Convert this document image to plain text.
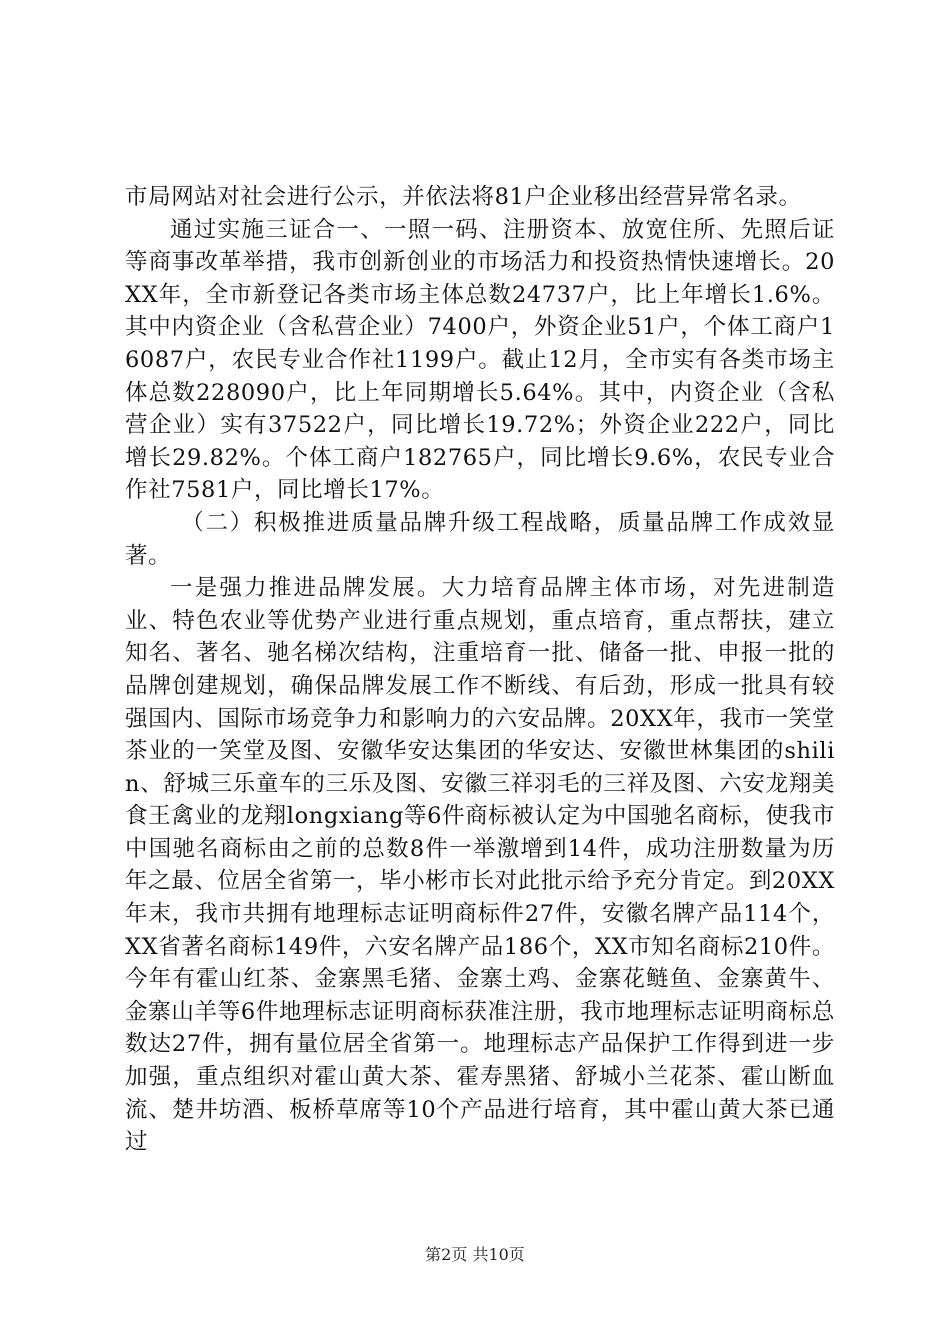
市局网站对社会进行公示，并依法将81户企业移出经营异常名录。

通过实施三证合一、一照一码、注册资本、放宽住所、先照后证等商事改革举措，我市创新创业的市场活力和投资热情快速增长。20XX年，全市新登记各类市场主体总数24737户，比上年增长1.6%。其中内资企业（含私营企业）7400户，外资企业51户，个体工商户16087户，农民专业合作社1199户。截止12月，全市实有各类市场主体总数228090户，比上年同期增长5.64%。其中，内资企业（含私营企业）实有37522户，同比增长19.72%；外资企业222户，同比增长29.82%。个体工商户182765户，同比增长9.6%，农民专业合作社7581户，同比增长17%。

（二）积极推进质量品牌升级工程战略，质量品牌工作成效显著。

一是强力推进品牌发展。大力培育品牌主体市场，对先进制造业、特色农业等优势产业进行重点规划，重点培育，重点帮扶，建立知名、著名、驰名梯次结构，注重培育一批、储备一批、申报一批的品牌创建规划，确保品牌发展工作不断线、有后劲，形成一批具有较强国内、国际市场竞争力和影响力的六安品牌。20XX年，我市一笑堂茶业的一笑堂及图、安徽华安达集团的华安达、安徽世林集团的shilin、舒城三乐童车的三乐及图、安徽三祥羽毛的三祥及图、六安龙翔美食王禽业的龙翔longxiang等6件商标被认定为中国驰名商标，使我市中国驰名商标由之前的总数8件一举激增到14件，成功注册数量为历年之最、位居全省第一，毕小彬市长对此批示给予充分肯定。到20XX年末，我市共拥有地理标志证明商标件27件，安徽名牌产品114个，XX省著名商标149件，六安名牌产品186个，XX市知名商标210件。今年有霍山红茶、金寨黑毛猪、金寨土鸡、金寨花鲢鱼、金寨黄牛、金寨山羊等6件地理标志证明商标获准注册，我市地理标志证明商标总数达27件，拥有量位居全省第一。地理标志产品保护工作得到进一步加强，重点组织对霍山黄大茶、霍寿黑猪、舒城小兰花茶、霍山断血流、楚井坊酒、板桥草席等10个产品进行培育，其中霍山黄大茶已通过

第2页 共10页
